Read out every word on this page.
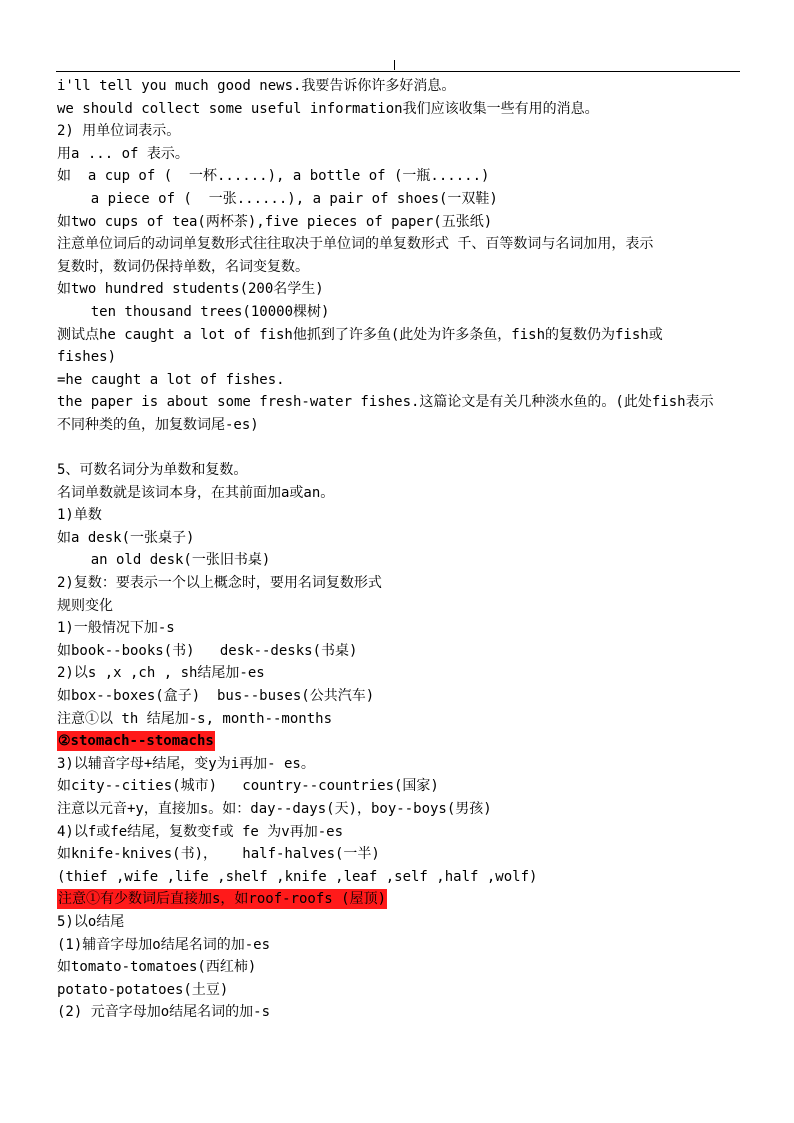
i'll tell you much good news.我要告诉你许多好消息。
we should collect some useful information我们应该收集一些有用的消息。
2) 用单位词表示。
用a ... of 表示。
如  a cup of (  一杯......), a bottle of (一瓶......)
a piece of (  一张......), a pair of shoes(一双鞋)
如two cups of tea(两杯茶),five pieces of paper(五张纸)
注意单位词后的动词单复数形式往往取决于单位词的单复数形式 千、百等数词与名词加用，表示
复数时，数词仍保持单数，名词变复数。
如two hundred students(200名学生)
ten thousand trees(10000棵树)
测试点he caught a lot of fish他抓到了许多鱼(此处为许多条鱼，fish的复数仍为fish或
fishes)
=he caught a lot of fishes.
the paper is about some fresh-water fishes.这篇论文是有关几种淡水鱼的。(此处fish表示
不同种类的鱼，加复数词尾-es)
5、可数名词分为单数和复数。
名词单数就是该词本身，在其前面加a或an。
1)单数
如a desk(一张桌子)
an old desk(一张旧书桌)
2)复数：要表示一个以上概念时，要用名词复数形式
规则变化
1)一般情况下加-s
如book--books(书)   desk--desks(书桌)
2)以s ,x ,ch , sh结尾加-es
如box--boxes(盒子)  bus--buses(公共汽车)
注意①以 th 结尾加-s, month--months
②stomach--stomachs
3)以辅音字母+结尾，变y为i再加- es。
如city--cities(城市)   country--countries(国家)
注意以元音+y，直接加s。如：day--days(天)，boy--boys(男孩)
4)以f或fe结尾，复数变f或 fe 为v再加-es
如knife-knives(书)，   half-halves(一半)
(thief ,wife ,life ,shelf ,knife ,leaf ,self ,half ,wolf)
注意①有少数词后直接加s，如roof-roofs (屋顶)
5)以o结尾
(1)辅音字母加o结尾名词的加-es
如tomato-tomatoes(西红柿)
potato-potatoes(土豆)
(2) 元音字母加o结尾名词的加-s
